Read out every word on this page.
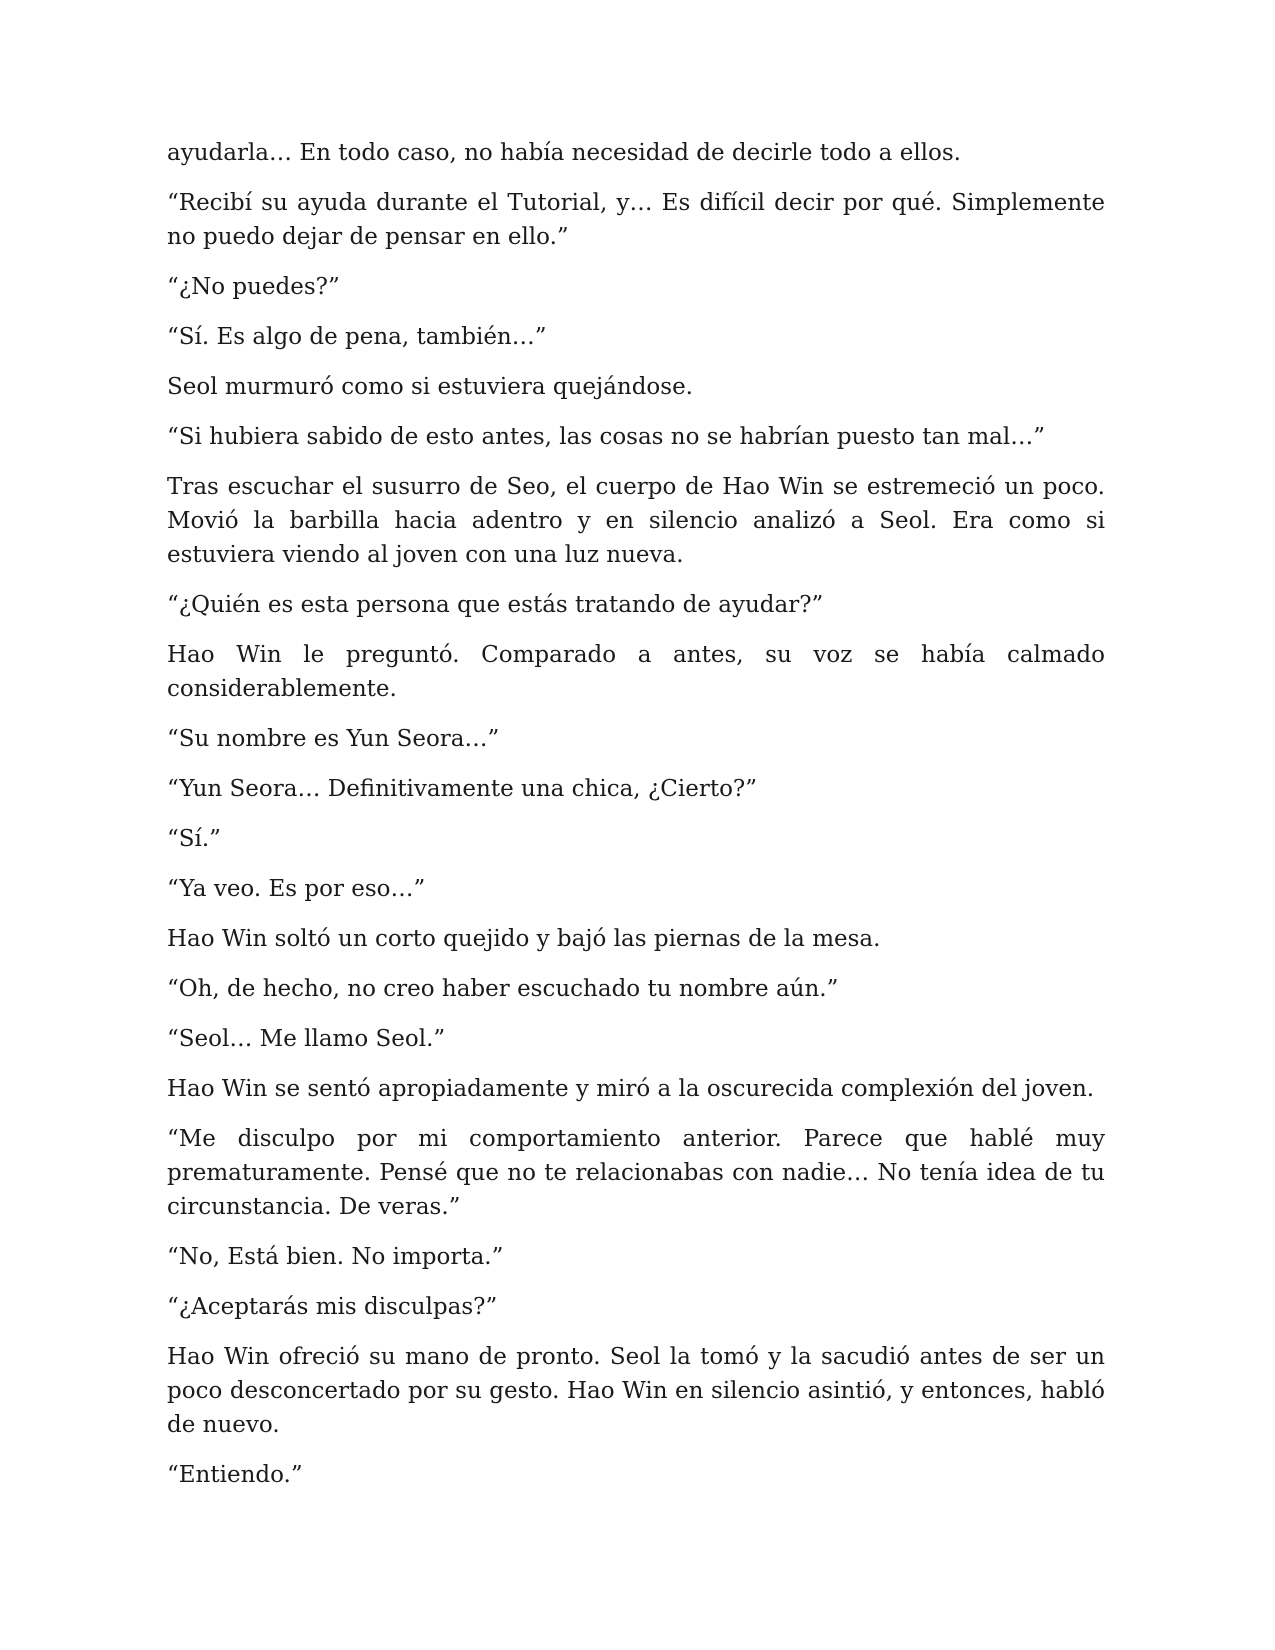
ayudarla… En todo caso, no había necesidad de decirle todo a ellos.

“Recibí su ayuda durante el Tutorial, y… Es difícil decir por qué. Simplemente no puedo dejar de pensar en ello.”

“¿No puedes?”

“Sí. Es algo de pena, también…”

Seol murmuró como si estuviera quejándose.

“Si hubiera sabido de esto antes, las cosas no se habrían puesto tan mal…”

Tras escuchar el susurro de Seo, el cuerpo de Hao Win se estremeció un poco. Movió la barbilla hacia adentro y en silencio analizó a Seol. Era como si estuviera viendo al joven con una luz nueva.

“¿Quién es esta persona que estás tratando de ayudar?”

Hao Win le preguntó. Comparado a antes, su voz se había calmado considerablemente.

“Su nombre es Yun Seora…”

“Yun Seora… Definitivamente una chica, ¿Cierto?”

“Sí.”

“Ya veo. Es por eso…”

Hao Win soltó un corto quejido y bajó las piernas de la mesa.

“Oh, de hecho, no creo haber escuchado tu nombre aún.”

“Seol… Me llamo Seol.”

Hao Win se sentó apropiadamente y miró a la oscurecida complexión del joven.

“Me disculpo por mi comportamiento anterior. Parece que hablé muy prematuramente. Pensé que no te relacionabas con nadie… No tenía idea de tu circunstancia. De veras.”

“No, Está bien. No importa.”

“¿Aceptarás mis disculpas?”

Hao Win ofreció su mano de pronto. Seol la tomó y la sacudió antes de ser un poco desconcertado por su gesto. Hao Win en silencio asintió, y entonces, habló de nuevo.

“Entiendo.”
